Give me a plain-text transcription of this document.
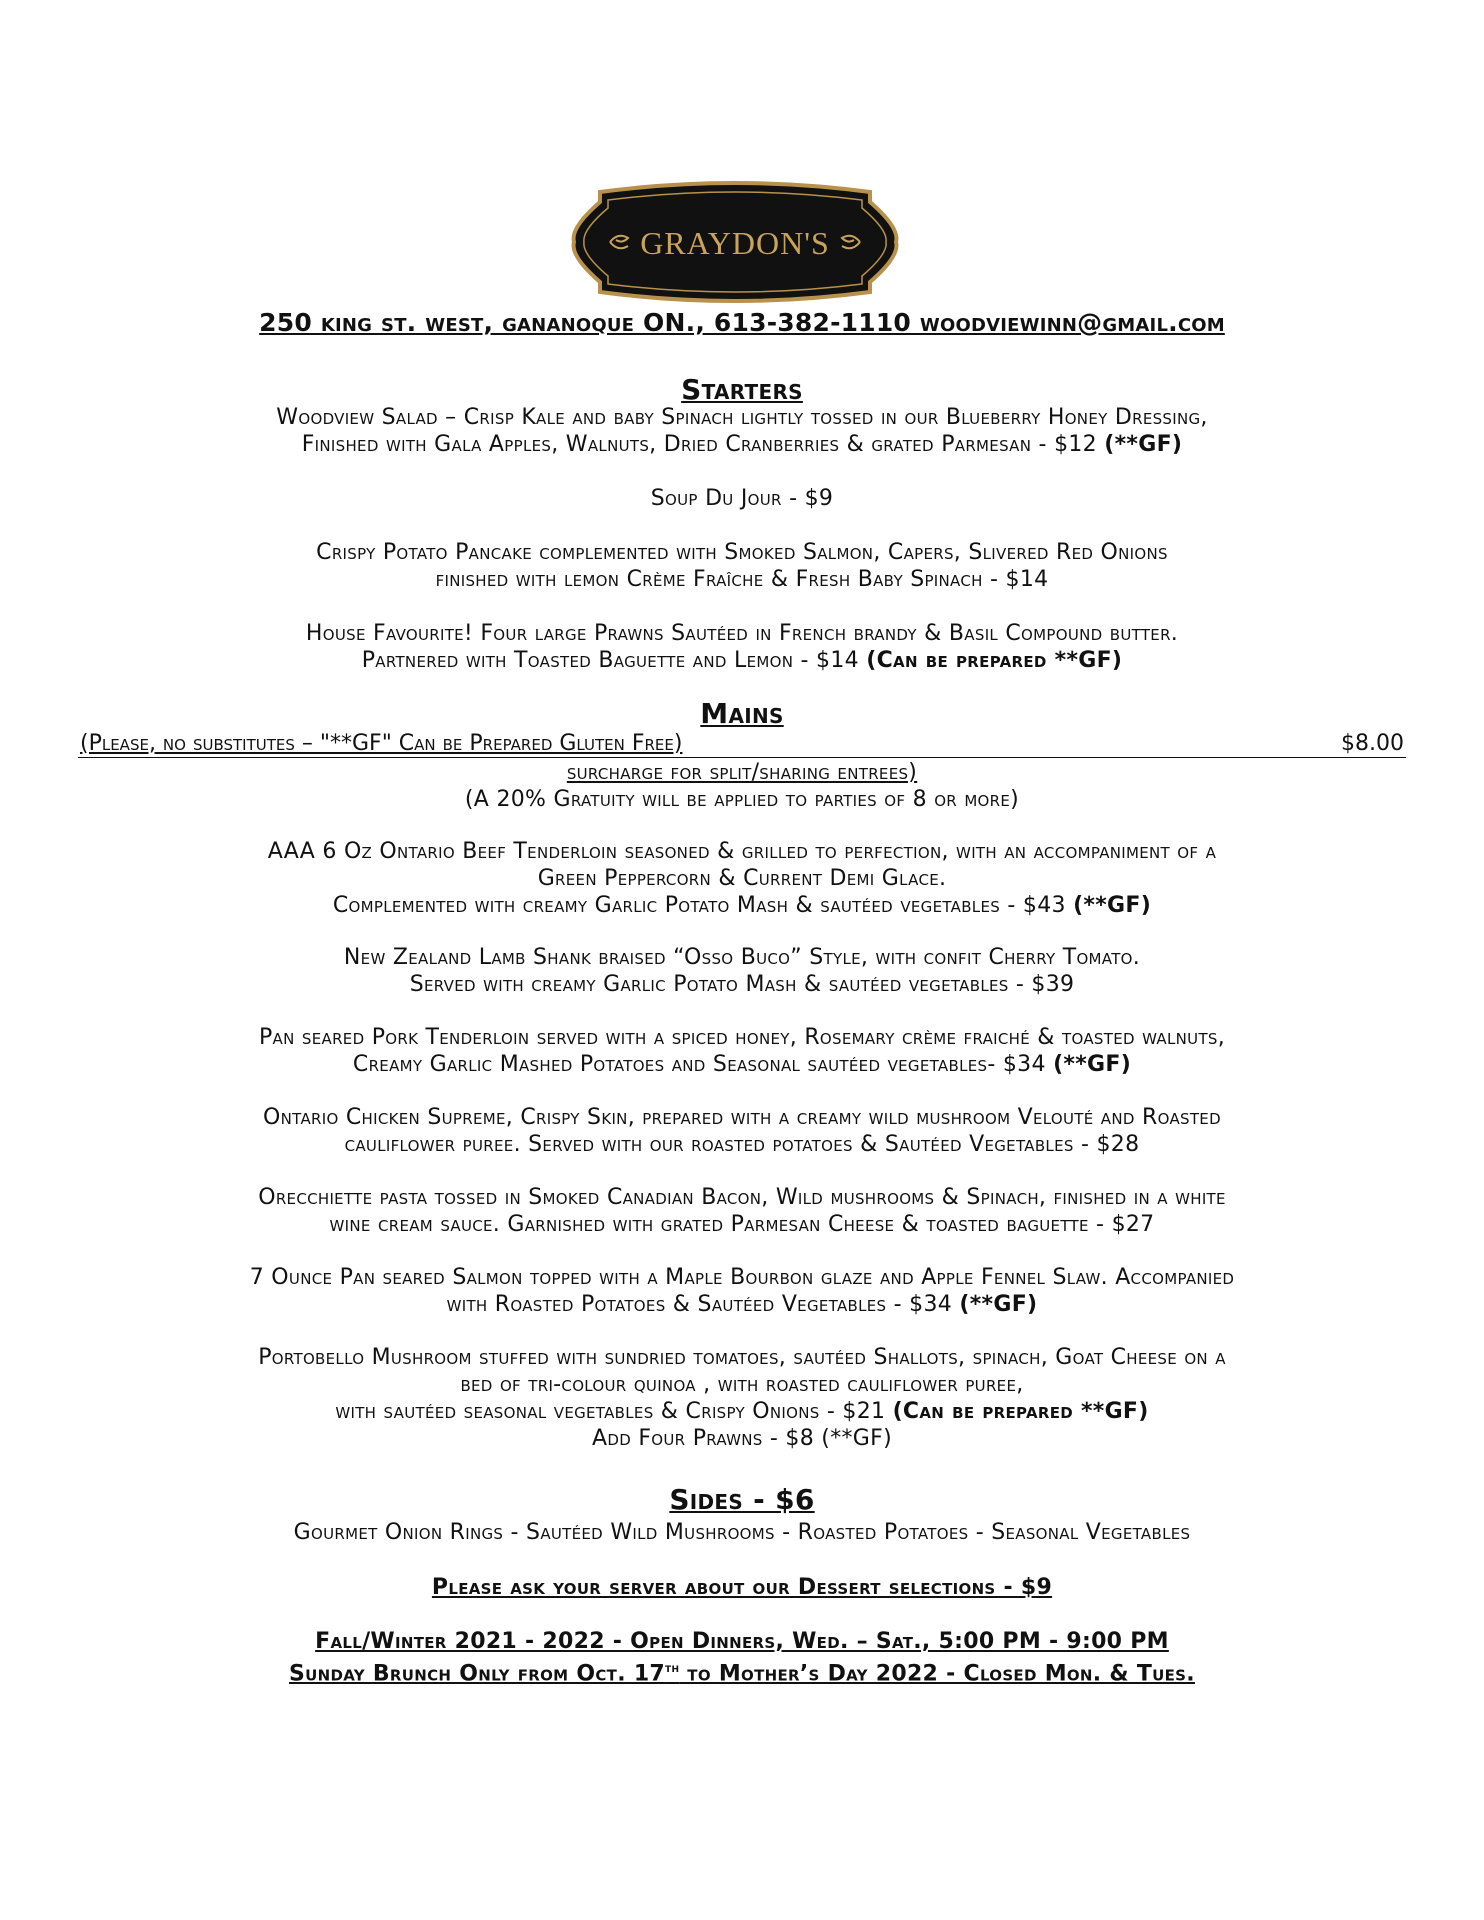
GRAYDON'S
250 king st. west, gananoque ON., 613-382-1110 woodviewinn@gmail.com
Starters
Woodview Salad – Crisp Kale and baby Spinach lightly tossed in our Blueberry Honey Dressing,
Finished with Gala Apples, Walnuts, Dried Cranberries & grated Parmesan - $12 (**GF)
Soup Du Jour - $9
Crispy Potato Pancake complemented with Smoked Salmon, Capers, Slivered Red Onions
finished with lemon Crème Fraîche & Fresh Baby Spinach - $14
House Favourite! Four large Prawns Sautéed in French brandy & Basil Compound butter.
Partnered with Toasted Baguette and Lemon - $14 (Can be prepared **GF)
Mains
(Please, no substitutes – "**GF" Can be Prepared Gluten Free)	$8.00
surcharge for split/sharing entrees)
(A 20% Gratuity will be applied to parties of 8 or more)
AAA 6 Oz Ontario Beef Tenderloin seasoned & grilled to perfection, with an accompaniment of a
Green Peppercorn & Current Demi Glace.
Complemented with creamy Garlic Potato Mash & sautéed vegetables - $43 (**GF)
New Zealand Lamb Shank braised “Osso Buco” Style, with confit Cherry Tomato.
Served with creamy Garlic Potato Mash & sautéed vegetables - $39
Pan seared Pork Tenderloin served with a spiced honey, Rosemary crème fraiché & toasted walnuts,
Creamy Garlic Mashed Potatoes and Seasonal sautéed vegetables- $34 (**GF)
Ontario Chicken Supreme, Crispy Skin, prepared with a creamy wild mushroom Velouté and Roasted
cauliflower puree. Served with our roasted potatoes & Sautéed Vegetables - $28
Orecchiette pasta tossed in Smoked Canadian Bacon, Wild mushrooms & Spinach, finished in a white
wine cream sauce. Garnished with grated Parmesan Cheese & toasted baguette - $27
7 Ounce Pan seared Salmon topped with a Maple Bourbon glaze and Apple Fennel Slaw. Accompanied
with Roasted Potatoes & Sautéed Vegetables - $34 (**GF)
Portobello Mushroom stuffed with sundried tomatoes, sautéed Shallots, spinach, Goat Cheese on a
bed of tri-colour quinoa , with roasted cauliflower puree,
with sautéed seasonal vegetables & Crispy Onions - $21 (Can be prepared **GF)
Add Four Prawns - $8 (**GF)
Sides - $6
Gourmet Onion Rings - Sautéed Wild Mushrooms - Roasted Potatoes - Seasonal Vegetables
Please ask your server about our Dessert selections - $9
Fall/Winter 2021 - 2022 - Open Dinners, Wed. – Sat., 5:00 PM - 9:00 PM
Sunday Brunch Only from Oct. 17th to Mother’s Day 2022 - Closed Mon. & Tues.
